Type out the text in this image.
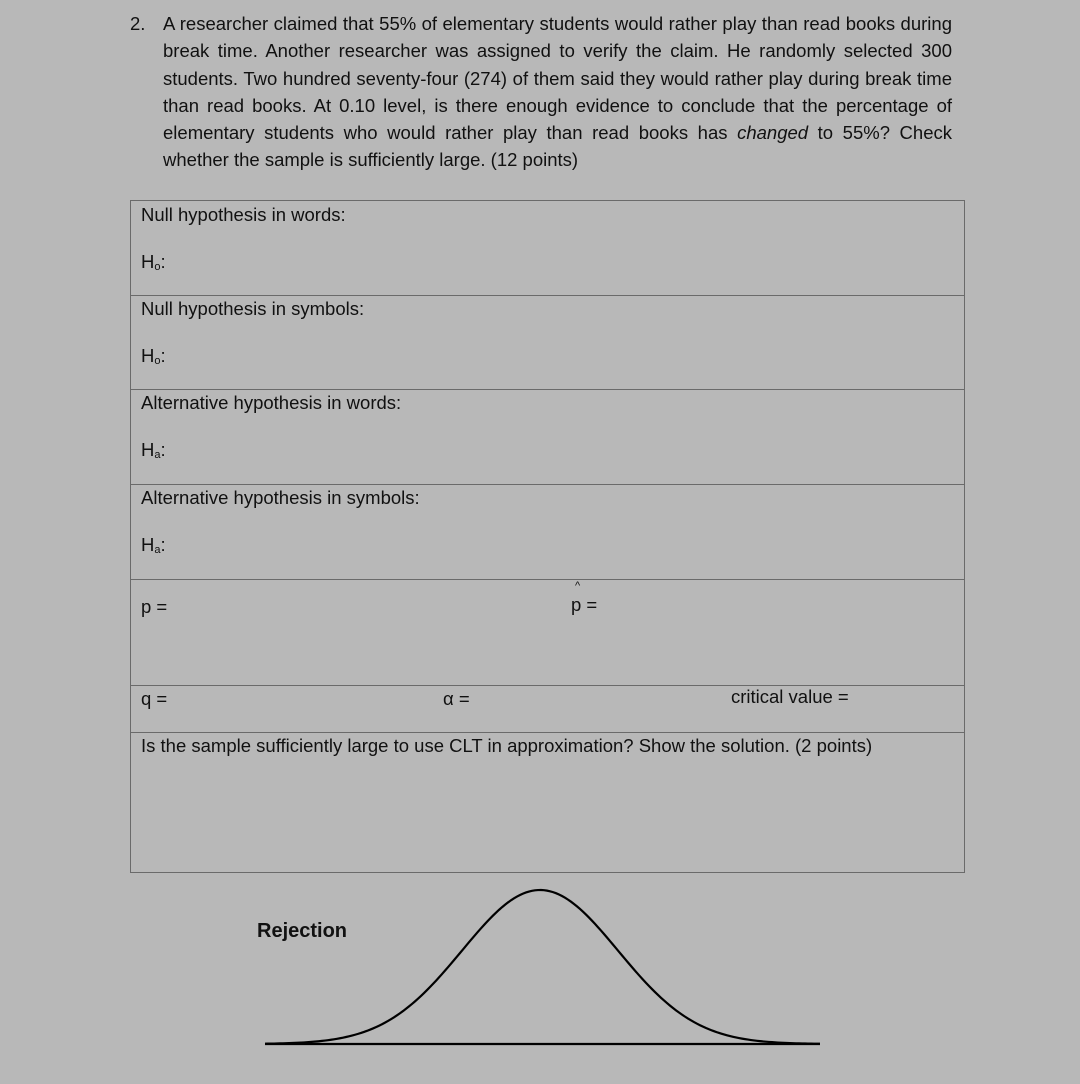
2. A researcher claimed that 55% of elementary students would rather play than read books during break time. Another researcher was assigned to verify the claim. He randomly selected 300 students. Two hundred seventy-four (274) of them said they would rather play during break time than read books. At 0.10 level, is there enough evidence to conclude that the percentage of elementary students who would rather play than read books has changed to 55%? Check whether the sample is sufficiently large. (12 points)
Null hypothesis in words:
$H_o$:
Null hypothesis in symbols:
$H_o$:
Alternative hypothesis in words:
$H_a$:
Alternative hypothesis in symbols:
$H_a$:
p =
^
p =
q =	α =	critical value =
Is the sample sufficiently large to use CLT in approximation? Show the solution. (2 points)
Rejection
